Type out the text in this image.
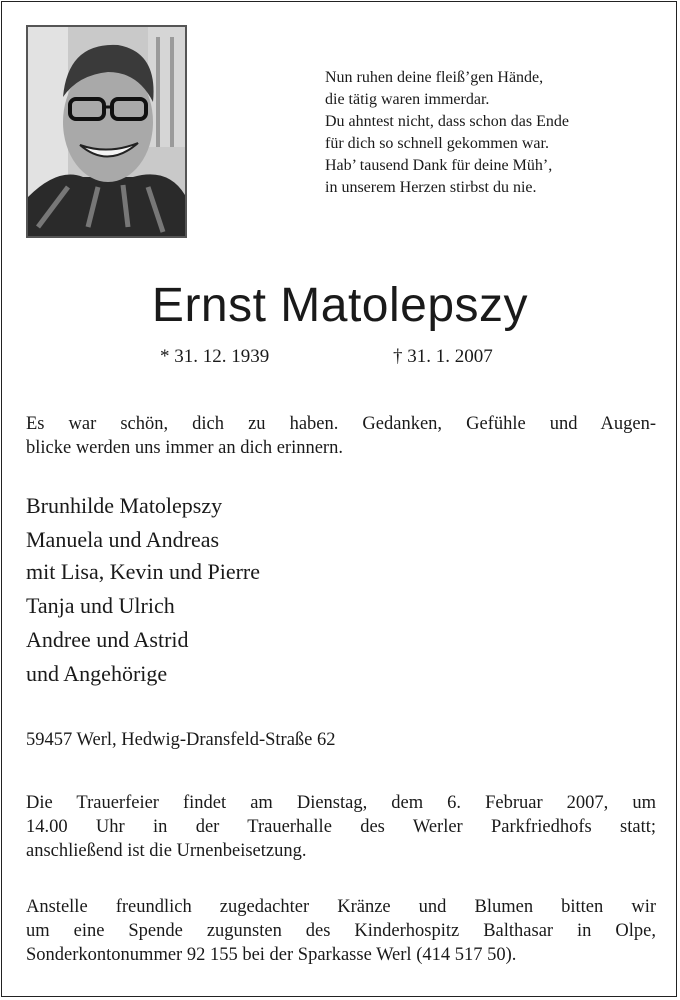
Nun ruhen deine fleiß’gen Hände,
die tätig waren immerdar.
Du ahntest nicht, dass schon das Ende
für dich so schnell gekommen war.
Hab’ tausend Dank für deine Müh’,
in unserem Herzen stirbst du nie.
Ernst Matolepszy
* 31. 12. 1939	† 31. 1. 2007
Es war schön, dich zu haben. Gedanken, Gefühle und Augen-
blicke werden uns immer an dich erinnern.
Brunhilde Matolepszy
Manuela und Andreas
mit Lisa, Kevin und Pierre
Tanja und Ulrich
Andree und Astrid
und Angehörige
59457 Werl, Hedwig-Dransfeld-Straße 62
Die Trauerfeier findet am Dienstag, dem 6. Februar 2007, um
14.00 Uhr in der Trauerhalle des Werler Parkfriedhofs statt;
anschließend ist die Urnenbeisetzung.
Anstelle freundlich zugedachter Kränze und Blumen bitten wir
um eine Spende zugunsten des Kinderhospitz Balthasar in Olpe,
Sonderkontonummer 92 155 bei der Sparkasse Werl (414 517 50).
